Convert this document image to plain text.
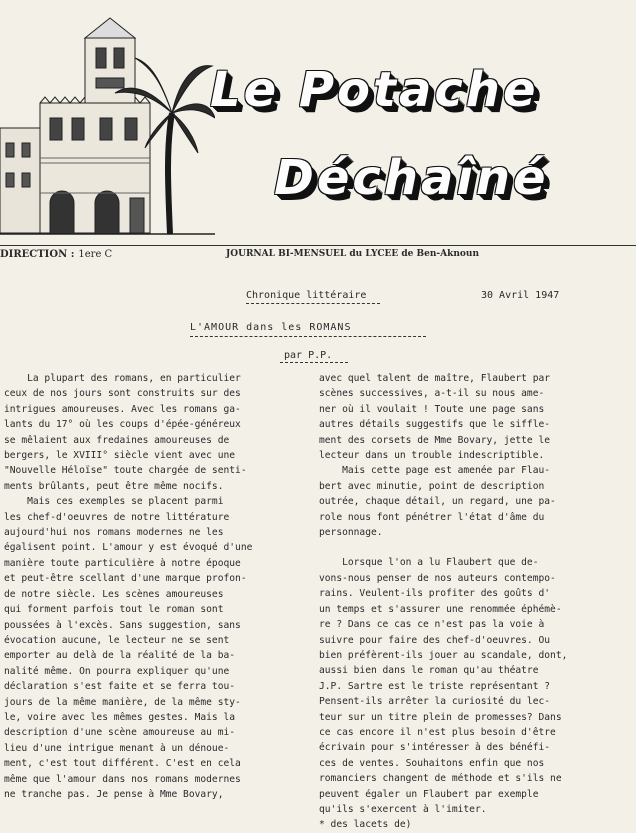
Le Potache
Déchaîné
DIRECTION : 1ere C	JOURNAL BI-MENSUEL du LYCEE de Ben-Aknoun
Chronique littéraire	30 Avril 1947
L'AMOUR dans les ROMANS
par P.P.

La plupart des romans, en particulier

ceux de nos jours sont construits sur des

intrigues amoureuses. Avec les romans ga-

lants du 17° où les coups d'épée-généreux

se mêlaient aux fredaines amoureuses de

bergers, le XVIII° siècle vient avec une

"Nouvelle Héloïse" toute chargée de senti-

ments brûlants, peut être même nocifs.

Mais ces exemples se placent parmi

les chef-d'oeuvres de notre littérature

aujourd'hui nos romans modernes ne les

égalisent point. L'amour y est évoqué d'une

manière toute particulière à notre époque

et peut-être scellant d'une marque profon-

de notre siècle. Les scènes amoureuses

qui forment parfois tout le roman sont

poussées à l'excès. Sans suggestion, sans

évocation aucune, le lecteur ne se sent

emporter au delà de la réalité de la ba-

nalité même. On pourra expliquer qu'une

déclaration s'est faite et se ferra tou-

jours de la même manière, de la même sty-

le, voire avec les mêmes gestes. Mais la

description d'une scène amoureuse au mi-

lieu d'une intrigue menant à un dénoue-

ment, c'est tout différent. C'est en cela

même que l'amour dans nos romans modernes

ne tranche pas. Je pense à Mme Bovary,

avec quel talent de maître, Flaubert par

scènes successives, a-t-il su nous ame-

ner où il voulait ! Toute une page sans

autres détails suggestifs que le siffle-

ment des corsets de Mme Bovary, jette le

lecteur dans un trouble indescriptible.

Mais cette page est amenée par Flau-

bert avec minutie, point de description

outrée, chaque détail, un regard, une pa-

role nous font pénétrer l'état d'âme du

personnage.

Lorsque l'on a lu Flaubert que de-

vons-nous penser de nos auteurs contempo-

rains. Veulent-ils profiter des goûts d'

un temps et s'assurer une renommée éphémè-

re ? Dans ce cas ce n'est pas la voie à

suivre pour faire des chef-d'oeuvres. Ou

bien préfèrent-ils jouer au scandale, dont,

aussi bien dans le roman qu'au théatre

J.P. Sartre est le triste représentant ?

Pensent-ils arrêter la curiosité du lec-

teur sur un titre plein de promesses? Dans

ce cas encore il n'est plus besoin d'être

écrivain pour s'intéresser à des bénéfi-

ces de ventes. Souhaitons enfin que nos

romanciers changent de méthode et s'ils ne

peuvent égaler un Flaubert par exemple

qu'ils s'exercent à l'imiter.

* des lacets de)
